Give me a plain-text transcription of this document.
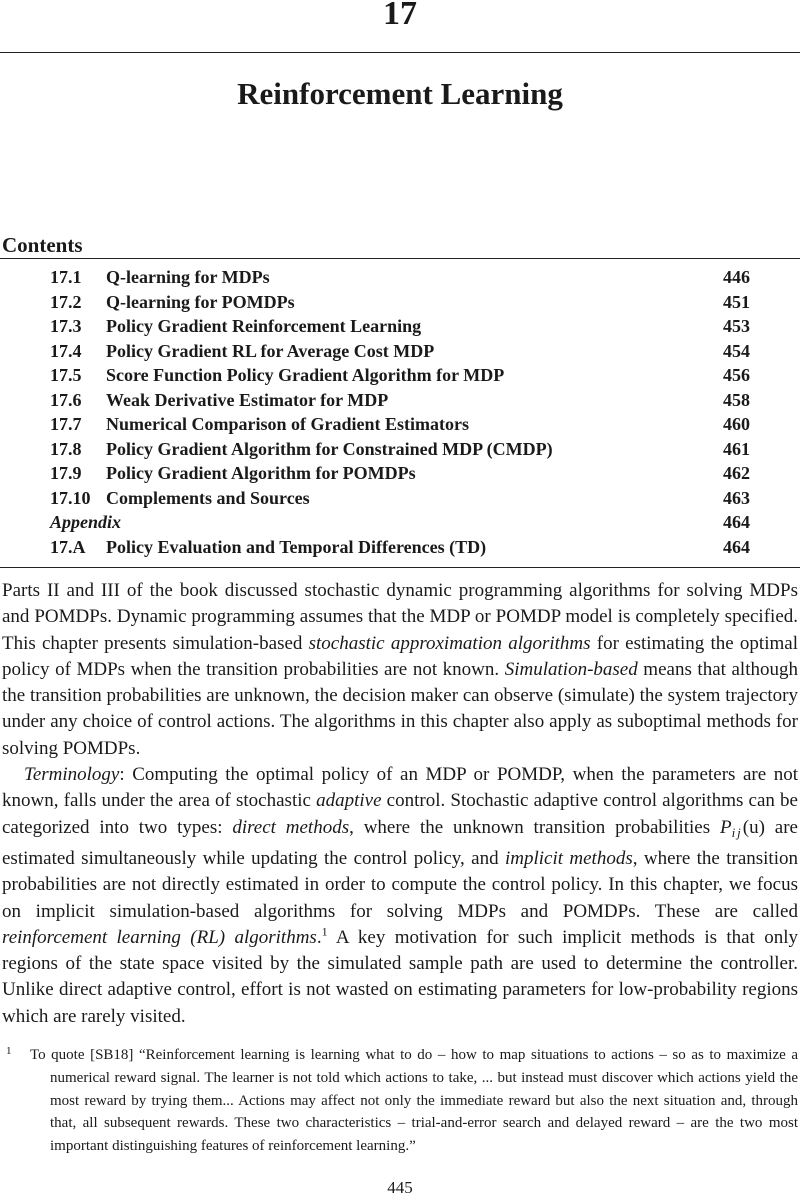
17
Reinforcement Learning
Contents
17.1 Q-learning for MDPs	446
17.2 Q-learning for POMDPs	451
17.3 Policy Gradient Reinforcement Learning	453
17.4 Policy Gradient RL for Average Cost MDP	454
17.5 Score Function Policy Gradient Algorithm for MDP	456
17.6 Weak Derivative Estimator for MDP	458
17.7 Numerical Comparison of Gradient Estimators	460
17.8 Policy Gradient Algorithm for Constrained MDP (CMDP)	461
17.9 Policy Gradient Algorithm for POMDPs	462
17.10 Complements and Sources	463
Appendix	464
17.A Policy Evaluation and Temporal Differences (TD)	464

Parts II and III of the book discussed stochastic dynamic programming algorithms for solving MDPs and POMDPs. Dynamic programming assumes that the MDP or POMDP model is completely specified. This chapter presents simulation-based stochastic approximation algorithms for estimating the optimal policy of MDPs when the transition probabilities are not known. Simulation-based means that although the transition probabilities are unknown, the decision maker can observe (simulate) the system trajectory under any choice of control actions. The algorithms in this chapter also apply as suboptimal methods for solving POMDPs.

Terminology: Computing the optimal policy of an MDP or POMDP, when the parameters are not known, falls under the area of stochastic adaptive control. Stochastic adaptive control algorithms can be categorized into two types: direct methods, where the unknown transition probabilities $P_{ij}(u)$ are estimated simultaneously while updating the control policy, and implicit methods, where the transition probabilities are not directly estimated in order to compute the control policy. In this chapter, we focus on implicit simulation-based algorithms for solving MDPs and POMDPs. These are called reinforcement learning (RL) algorithms.$^1$ A key motivation for such implicit methods is that only regions of the state space visited by the simulated sample path are used to determine the controller. Unlike direct adaptive control, effort is not wasted on estimating parameters for low-probability regions which are rarely visited.

1	To quote [SB18] “Reinforcement learning is learning what to do – how to map situations to actions – so as to maximize a numerical reward signal. The learner is not told which actions to take, ... but instead must discover which actions yield the most reward by trying them... Actions may affect not only the immediate reward but also the next situation and, through that, all subsequent rewards. These two characteristics – trial-and-error search and delayed reward – are the two most important distinguishing features of reinforcement learning.”

445
